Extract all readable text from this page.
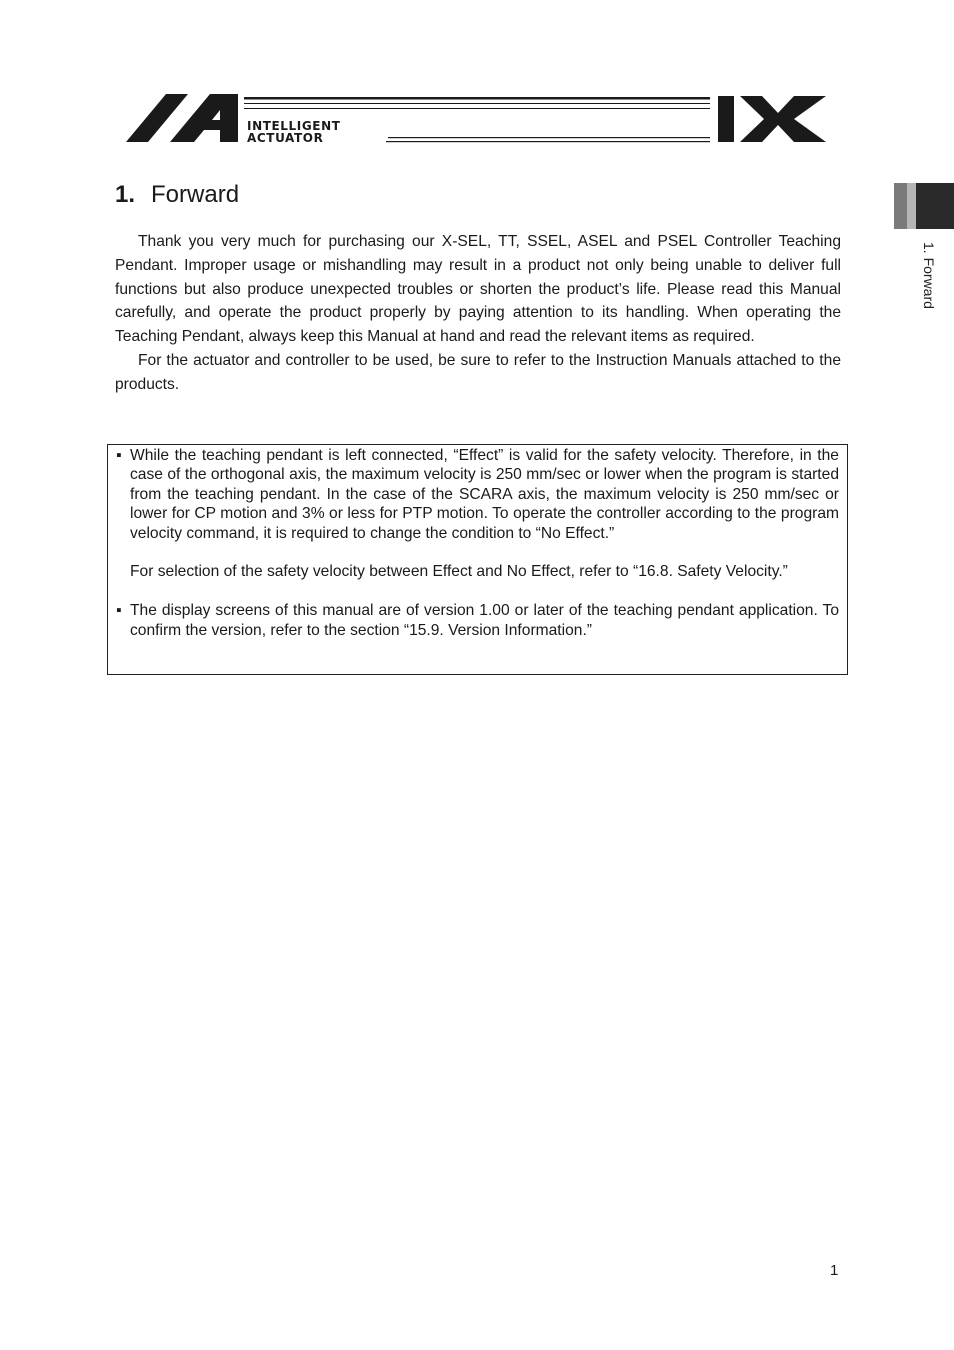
INTELLIGENT
ACTUATOR
1. Forward
1. Forward

Thank you very much for purchasing our X-SEL, TT, SSEL, ASEL and PSEL Controller Teaching Pendant. Improper usage or mishandling may result in a product not only being unable to deliver full functions but also produce unexpected troubles or shorten the product’s life. Please read this Manual carefully, and operate the product properly by paying attention to its handling. When operating the Teaching Pendant, always keep this Manual at hand and read the relevant items as required.

For the actuator and controller to be used, be sure to refer to the Instruction Manuals attached to the products.

▪ While the teaching pendant is left connected, “Effect” is valid for the safety velocity. Therefore, in the case of the orthogonal axis, the maximum velocity is 250 mm/sec or lower when the program is started from the teaching pendant. In the case of the SCARA axis, the maximum velocity is 250 mm/sec or lower for CP motion and 3% or less for PTP motion. To operate the controller according to the program velocity command, it is required to change the condition to “No Effect.”
For selection of the safety velocity between Effect and No Effect, refer to “16.8. Safety Velocity.”
▪ The display screens of this manual are of version 1.00 or later of the teaching pendant application. To confirm the version, refer to the section “15.9. Version Information.”
1
